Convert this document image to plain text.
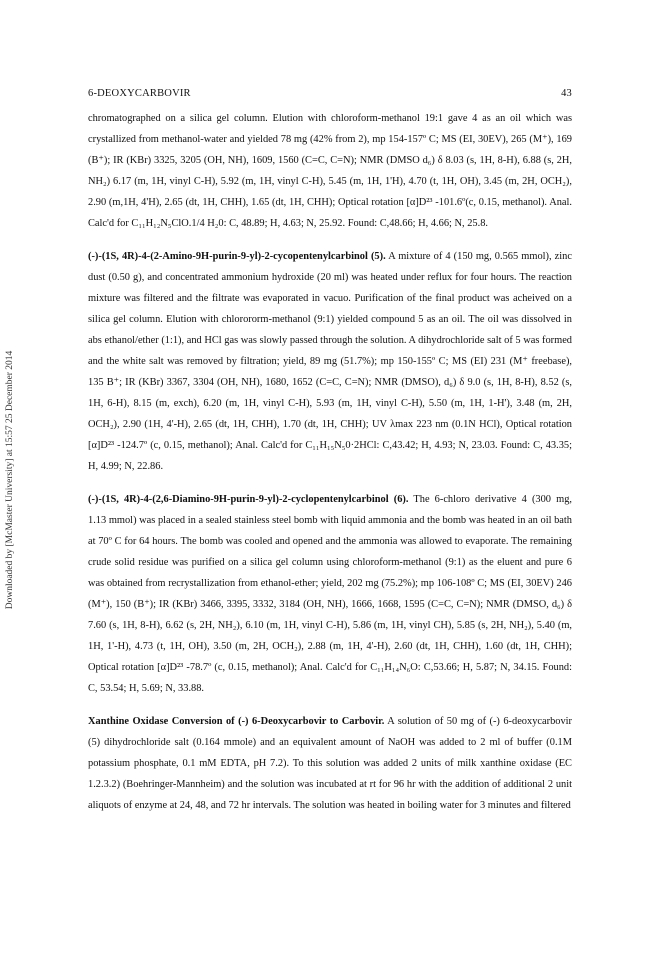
6-DEOXYCARBOVIR	43
Downloaded by [McMaster University] at 15:57 25 December 2014

chromatographed on a silica gel column. Elution with chloroform-methanol 19:1 gave 4 as an oil which was crystallized from methanol-water and yielded 78 mg (42% from 2), mp 154-157º C; MS (EI, 30EV), 265 (M⁺), 169 (B⁺); IR (KBr) 3325, 3205 (OH, NH), 1609, 1560 (C=C, C=N); NMR (DMSO d₆) δ 8.03 (s, 1H, 8-H), 6.88 (s, 2H, NH₂) 6.17 (m, 1H, vinyl C-H), 5.92 (m, 1H, vinyl C-H), 5.45 (m, 1H, 1'H), 4.70 (t, 1H, OH), 3.45 (m, 2H, OCH₂), 2.90 (m,1H, 4'H), 2.65 (dt, 1H, CHH), 1.65 (dt, 1H, CHH); Optical rotation [α]D²³ -101.6º(c, 0.15, methanol). Anal. Calc'd for C₁₁H₁₂N₅ClO.1/4 H₂0: C, 48.89; H, 4.63; N, 25.92. Found: C,48.66; H, 4.66; N, 25.8.

(-)-(1S, 4R)-4-(2-Amino-9H-purin-9-yl)-2-cycopentenylcarbinol (5). A mixture of 4 (150 mg, 0.565 mmol), zinc dust (0.50 g), and concentrated ammonium hydroxide (20 ml) was heated under reflux for four hours. The reaction mixture was filtered and the filtrate was evaporated in vacuo. Purification of the final product was acheived on a silica gel column. Elution with chlorororm-methanol (9:1) yielded compound 5 as an oil. The oil was dissolved in abs ethanol/ether (1:1), and HCl gas was slowly passed through the solution. A dihydrochloride salt of 5 was formed and the white salt was removed by filtration; yield, 89 mg (51.7%); mp 150-155º C; MS (EI) 231 (M⁺ freebase), 135 B⁺; IR (KBr) 3367, 3304 (OH, NH), 1680, 1652 (C=C, C=N); NMR (DMSO), d₆) δ 9.0 (s, 1H, 8-H), 8.52 (s, 1H, 6-H), 8.15 (m, exch), 6.20 (m, 1H, vinyl C-H), 5.93 (m, 1H, vinyl C-H), 5.50 (m, 1H, 1-H'), 3.48 (m, 2H, OCH₂), 2.90 (1H, 4'-H), 2.65 (dt, 1H, CHH), 1.70 (dt, 1H, CHH); UV λmax 223 nm (0.1N HCl), Optical rotation [α]D²³ -124.7º (c, 0.15, methanol); Anal. Calc'd for C₁₁H₁₅N₅0·2HCl: C,43.42; H, 4.93; N, 23.03. Found: C, 43.35; H, 4.99; N, 22.86.

(-)-(1S, 4R)-4-(2,6-Diamino-9H-purin-9-yl)-2-cyclopentenylcarbinol (6). The 6-chloro derivative 4 (300 mg, 1.13 mmol) was placed in a sealed stainless steel bomb with liquid ammonia and the bomb was heated in an oil bath at 70º C for 64 hours. The bomb was cooled and opened and the ammonia was allowed to evaporate. The remaining crude solid residue was purified on a silica gel column using chloroform-methanol (9:1) as the eluent and pure 6 was obtained from recrystallization from ethanol-ether; yield, 202 mg (75.2%); mp 106-108º C; MS (EI, 30EV) 246 (M⁺), 150 (B⁺); IR (KBr) 3466, 3395, 3332, 3184 (OH, NH), 1666, 1668, 1595 (C=C, C=N); NMR (DMSO, d₆) δ 7.60 (s, 1H, 8-H), 6.62 (s, 2H, NH₂), 6.10 (m, 1H, vinyl C-H), 5.86 (m, 1H, vinyl CH), 5.85 (s, 2H, NH₂), 5.40 (m, 1H, 1'-H), 4.73 (t, 1H, OH), 3.50 (m, 2H, OCH₂), 2.88 (m, 1H, 4'-H), 2.60 (dt, 1H, CHH), 1.60 (dt, 1H, CHH); Optical rotation [α]D²³ -78.7º (c, 0.15, methanol); Anal. Calc'd for C₁₁H₁₄N₆O: C,53.66; H, 5.87; N, 34.15. Found: C, 53.54; H, 5.69; N, 33.88.

Xanthine Oxidase Conversion of (-) 6-Deoxycarbovir to Carbovir. A solution of 50 mg of (-) 6-deoxycarbovir (5) dihydrochloride salt (0.164 mmole) and an equivalent amount of NaOH was added to 2 ml of buffer (0.1M potassium phosphate, 0.1 mM EDTA, pH 7.2). To this solution was added 2 units of milk xanthine oxidase (EC 1.2.3.2) (Boehringer-Mannheim) and the solution was incubated at rt for 96 hr with the addition of additional 2 unit aliquots of enzyme at 24, 48, and 72 hr intervals. The solution was heated in boiling water for 3 minutes and filtered
